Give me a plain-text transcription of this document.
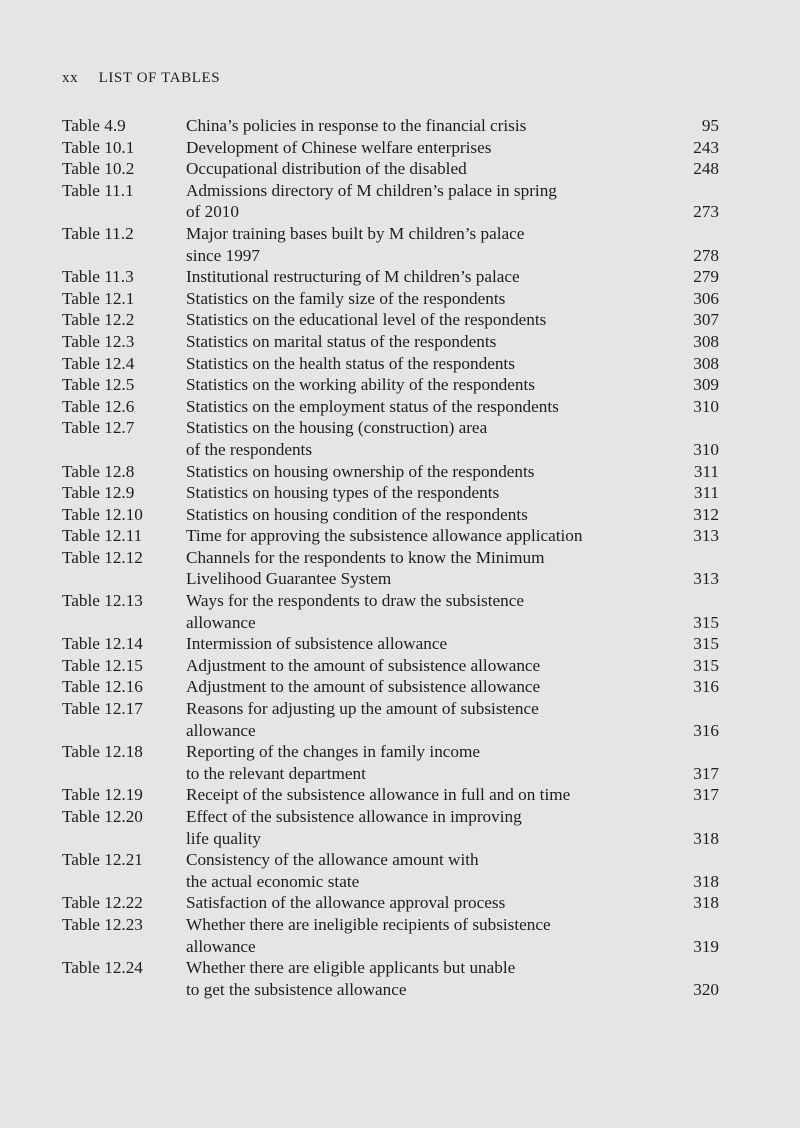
xx LIST OF TABLES
Table 4.9	China’s policies in response to the financial crisis	95
Table 10.1	Development of Chinese welfare enterprises	243
Table 10.2	Occupational distribution of the disabled	248
Table 11.1	Admissions directory of M children’s palace in spring
of 2010	273
Table 11.2	Major training bases built by M children’s palace
since 1997	278
Table 11.3	Institutional restructuring of M children’s palace	279
Table 12.1	Statistics on the family size of the respondents	306
Table 12.2	Statistics on the educational level of the respondents	307
Table 12.3	Statistics on marital status of the respondents	308
Table 12.4	Statistics on the health status of the respondents	308
Table 12.5	Statistics on the working ability of the respondents	309
Table 12.6	Statistics on the employment status of the respondents	310
Table 12.7	Statistics on the housing (construction) area
of the respondents	310
Table 12.8	Statistics on housing ownership of the respondents	311
Table 12.9	Statistics on housing types of the respondents	311
Table 12.10	Statistics on housing condition of the respondents	312
Table 12.11	Time for approving the subsistence allowance application	313
Table 12.12	Channels for the respondents to know the Minimum
Livelihood Guarantee System	313
Table 12.13	Ways for the respondents to draw the subsistence
allowance	315
Table 12.14	Intermission of subsistence allowance	315
Table 12.15	Adjustment to the amount of subsistence allowance	315
Table 12.16	Adjustment to the amount of subsistence allowance	316
Table 12.17	Reasons for adjusting up the amount of subsistence
allowance	316
Table 12.18	Reporting of the changes in family income
to the relevant department	317
Table 12.19	Receipt of the subsistence allowance in full and on time	317
Table 12.20	Effect of the subsistence allowance in improving
life quality	318
Table 12.21	Consistency of the allowance amount with
the actual economic state	318
Table 12.22	Satisfaction of the allowance approval process	318
Table 12.23	Whether there are ineligible recipients of subsistence
allowance	319
Table 12.24	Whether there are eligible applicants but unable
to get the subsistence allowance	320
